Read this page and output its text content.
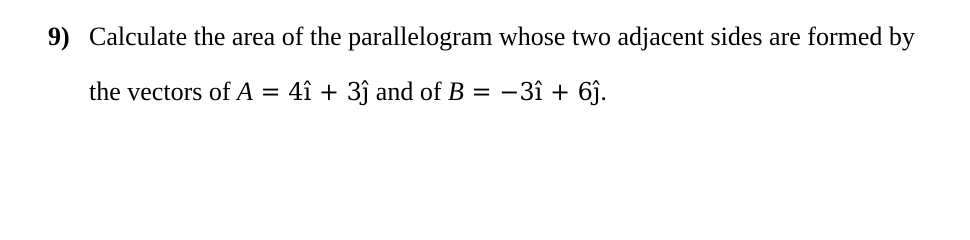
9) Calculate the area of the parallelogram whose two adjacent sides are formed by
the vectors of A = 4î + 3ĵ and of B = −3î + 6ĵ.
